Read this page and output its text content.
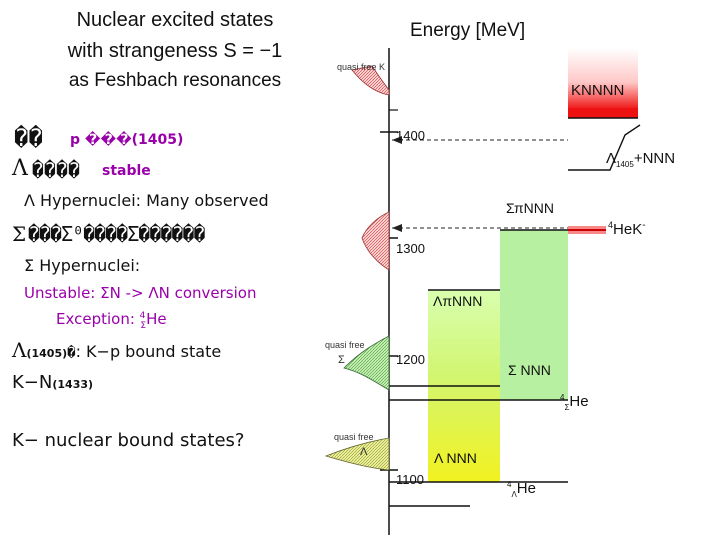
Nuclear excited states
with strangeness S = −1
as Feshbach resonances
�� p ���(1405)
Λ ���� stable
Λ Hypernuclei: Many observed
Σ ���Σ⁰����Σ������
Σ Hypernuclei:
Unstable: ΣN -> ΛN conversion
Exception: $^4_\Sigma$He
Λ(1405)�: K−p bound state
K−N(1433)
K− nuclear bound states?
Energy [MeV]
1400
1300
1200
1100
quasi free K
quasi free
Σ
quasi free
Λ
KNNNN
$\Lambda_{1405}+NNN$
ΣπNNN
$^4$HeK-
ΛπNNN
Σ NNN
$^4_\Sigma$He
Λ NNN
$^4_\Lambda$He
